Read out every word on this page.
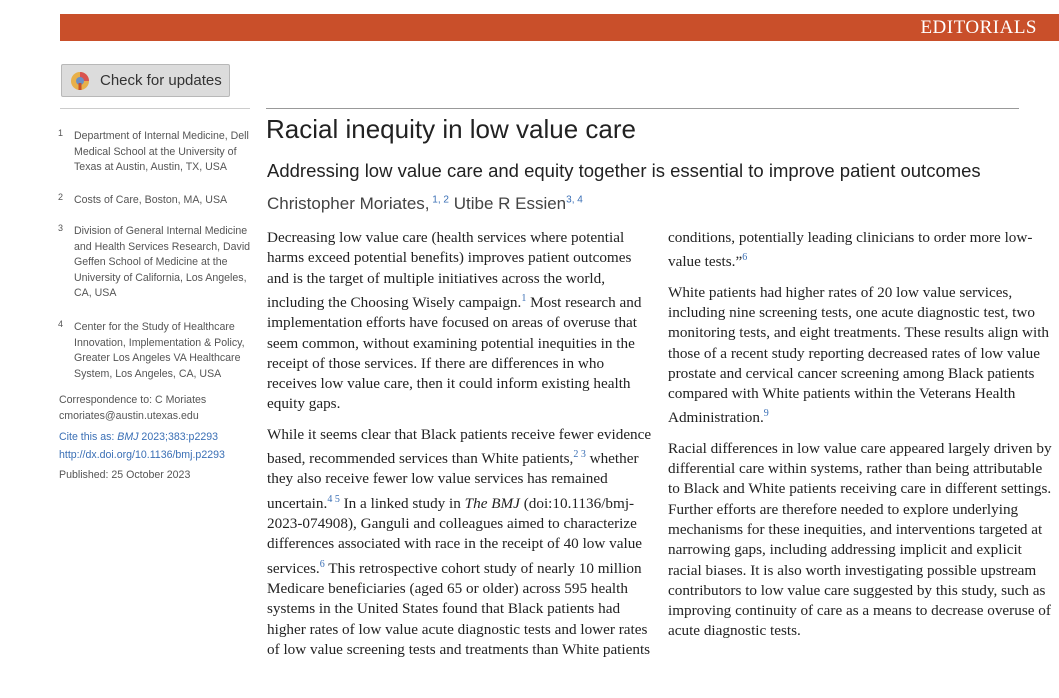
EDITORIALS
Check for updates
1 Department of Internal Medicine, Dell Medical School at the University of Texas at Austin, Austin, TX, USA
2 Costs of Care, Boston, MA, USA
3 Division of General Internal Medicine and Health Services Research, David Geffen School of Medicine at the University of California, Los Angeles, CA, USA
4 Center for the Study of Healthcare Innovation, Implementation & Policy, Greater Los Angeles VA Healthcare System, Los Angeles, CA, USA
Correspondence to: C Moriates
cmoriates@austin.utexas.edu
Cite this as: BMJ 2023;383:p2293
http://dx.doi.org/10.1136/bmj.p2293
Published: 25 October 2023
Racial inequity in low value care
Addressing low value care and equity together is essential to improve patient outcomes
Christopher Moriates, $^{1, 2}$ Utibe R Essien$^{3, 4}$

Decreasing low value care (health services where potential harms exceed potential benefits) improves patient outcomes and is the target of multiple initiatives across the world, including the Choosing Wisely campaign.$^1$ Most research and implementation efforts have focused on areas of overuse that seem common, without examining potential inequities in the receipt of those services. If there are differences in who receives low value care, then it could inform existing health equity gaps.

While it seems clear that Black patients receive fewer evidence based, recommended services than White patients,$^{2 3}$ whether they also receive fewer low value services has remained uncertain.$^{4 5}$ In a linked study in The BMJ (doi:10.1136/bmj-2023-074908), Ganguli and colleagues aimed to characterize differences associated with race in the receipt of 40 low value services.$^6$ This retrospective cohort study of nearly 10 million Medicare beneficiaries (aged 65 or older) across 595 health systems in the United States found that Black patients had higher rates of low value acute diagnostic tests and lower rates of low value screening tests and treatments than White patients

conditions, potentially leading clinicians to order more low-value tests.”$^6$

White patients had higher rates of 20 low value services, including nine screening tests, one acute diagnostic test, two monitoring tests, and eight treatments. These results align with those of a recent study reporting decreased rates of low value prostate and cervical cancer screening among Black patients compared with White patients within the Veterans Health Administration.$^9$

Racial differences in low value care appeared largely driven by differential care within systems, rather than being attributable to Black and White patients receiving care in different settings. Further efforts are therefore needed to explore underlying mechanisms for these inequities, and interventions targeted at narrowing gaps, including addressing implicit and explicit racial biases. It is also worth investigating possible upstream contributors to low value care suggested by this study, such as improving continuity of care as a means to decrease overuse of acute diagnostic tests.
